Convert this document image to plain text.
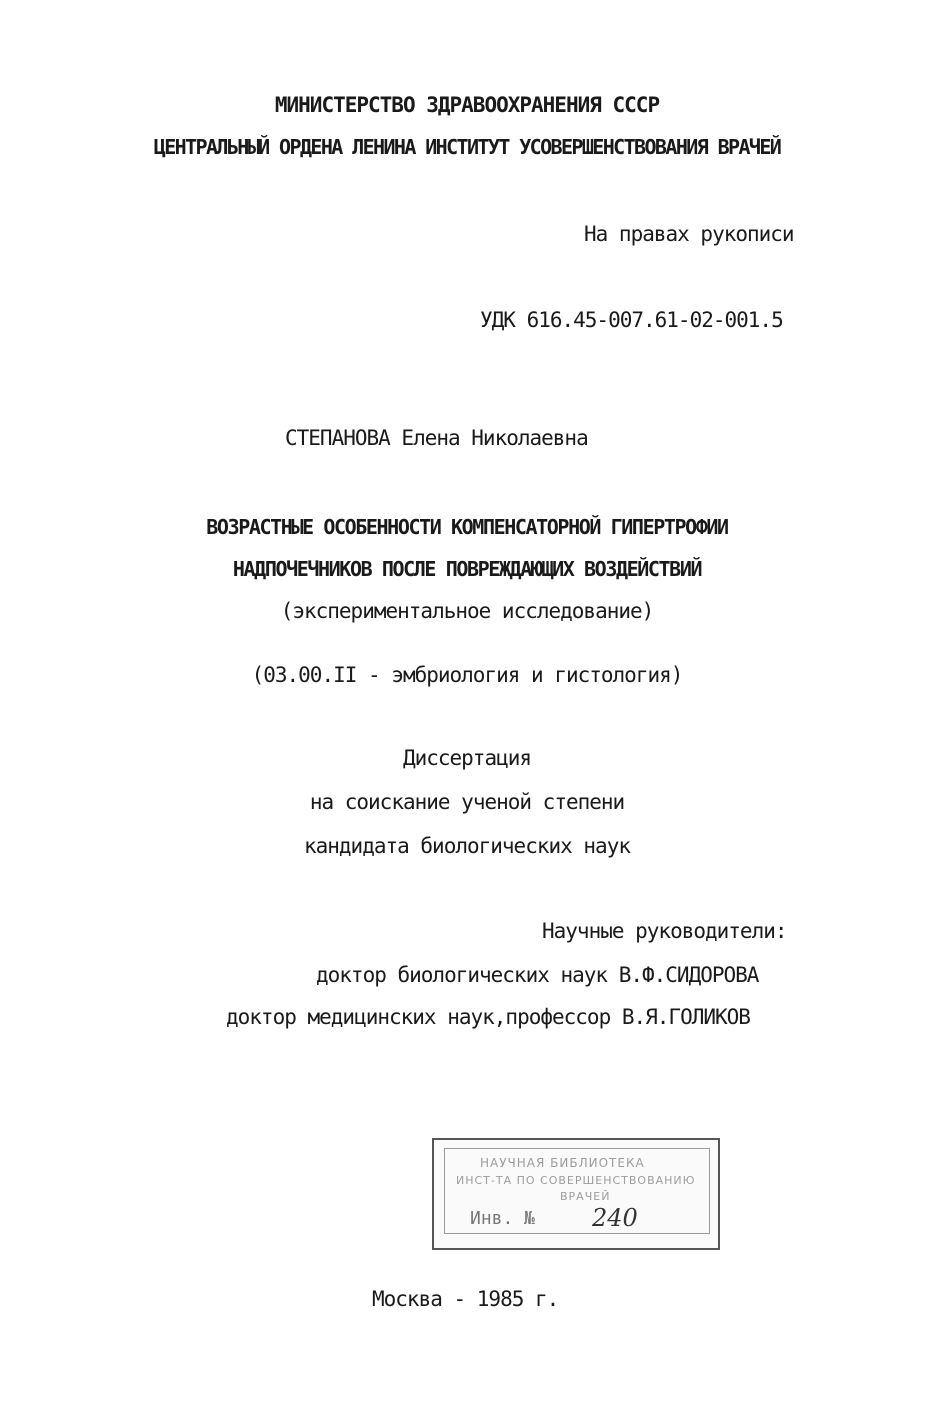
МИНИСТЕРСТВО ЗДРАВООХРАНЕНИЯ СССР
ЦЕНТРАЛЬНЫЙ ОРДЕНА ЛЕНИНА ИНСТИТУТ УСОВЕРШЕНСТВОВАНИЯ ВРАЧЕЙ
На правах рукописи
УДК 616.45-007.61-02-001.5
СТЕПАНОВА Елена Николаевна
ВОЗРАСТНЫЕ ОСОБЕННОСТИ КОМПЕНСАТОРНОЙ ГИПЕРТРОФИИ
НАДПОЧЕЧНИКОВ ПОСЛЕ ПОВРЕЖДАЮЩИХ ВОЗДЕЙСТВИЙ
(экспериментальное исследование)
(03.00.II - эмбриология и гистология)
Диссертация
на соискание ученой степени
кандидата биологических наук
Научные руководители:
доктор биологических наук В.Ф.СИДОРОВА
доктор медицинских наук,профессор В.Я.ГОЛИКОВ
НАУЧНАЯ БИБЛИОТЕКА
ИНСТ-ТА ПО СОВЕРШЕНСТВОВАНИЮ
ВРАЧЕЙ
Инв. № 240
Москва - 1985 г.
